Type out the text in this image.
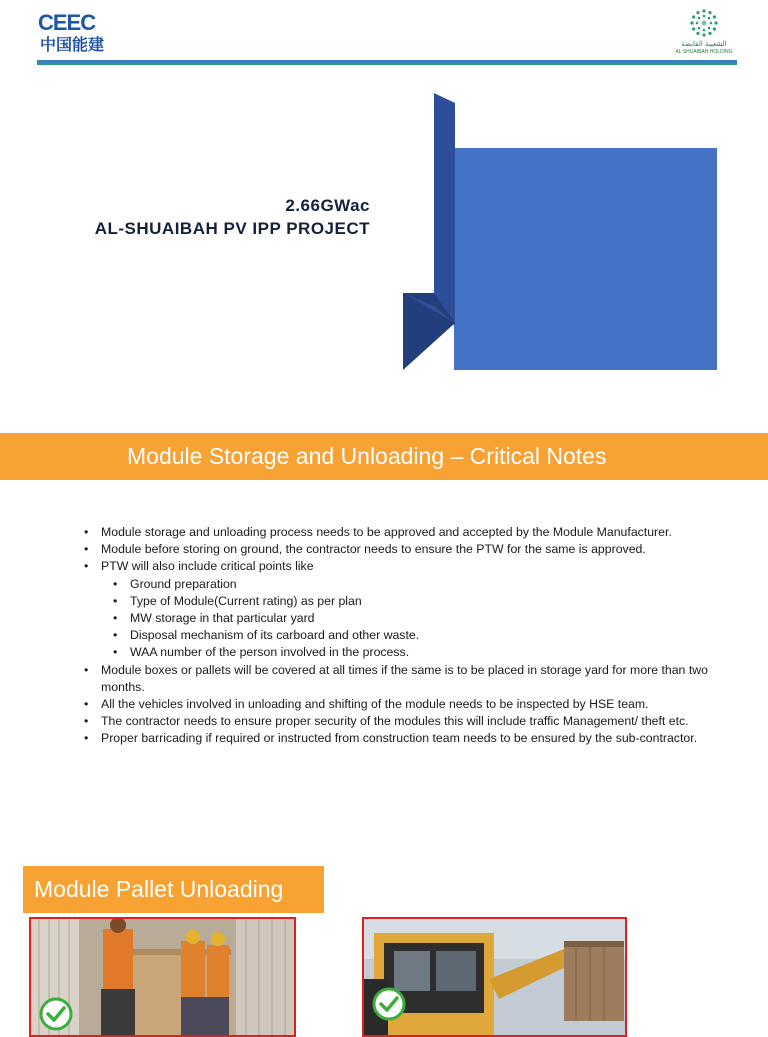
CEEC
中国能建	الشعيبة القابضة
AL SHUAIBAH HOLDING
2.66GWac
AL-SHUAIBAH PV IPP PROJECT
Module Storage and Unloading – Critical Notes
• Module storage and unloading process needs to be approved and accepted by the Module Manufacturer.
• Module before storing on ground, the contractor needs to ensure the PTW for the same is approved.
• PTW will also include critical points like
• Ground preparation
• Type of Module(Current rating) as per plan
• MW storage in that particular yard
• Disposal mechanism of its carboard and other waste.
• WAA number of the person involved in the process.
• Module boxes or pallets will be covered at all times if the same is to be placed in storage yard for more than two months.
• All the vehicles involved in unloading and shifting of the module needs to be inspected by HSE team.
• The contractor needs to ensure proper security of the modules this will include traffic Management/ theft etc.
• Proper barricading if required or instructed from construction team needs to be ensured by the sub-contractor.
Module Pallet Unloading
